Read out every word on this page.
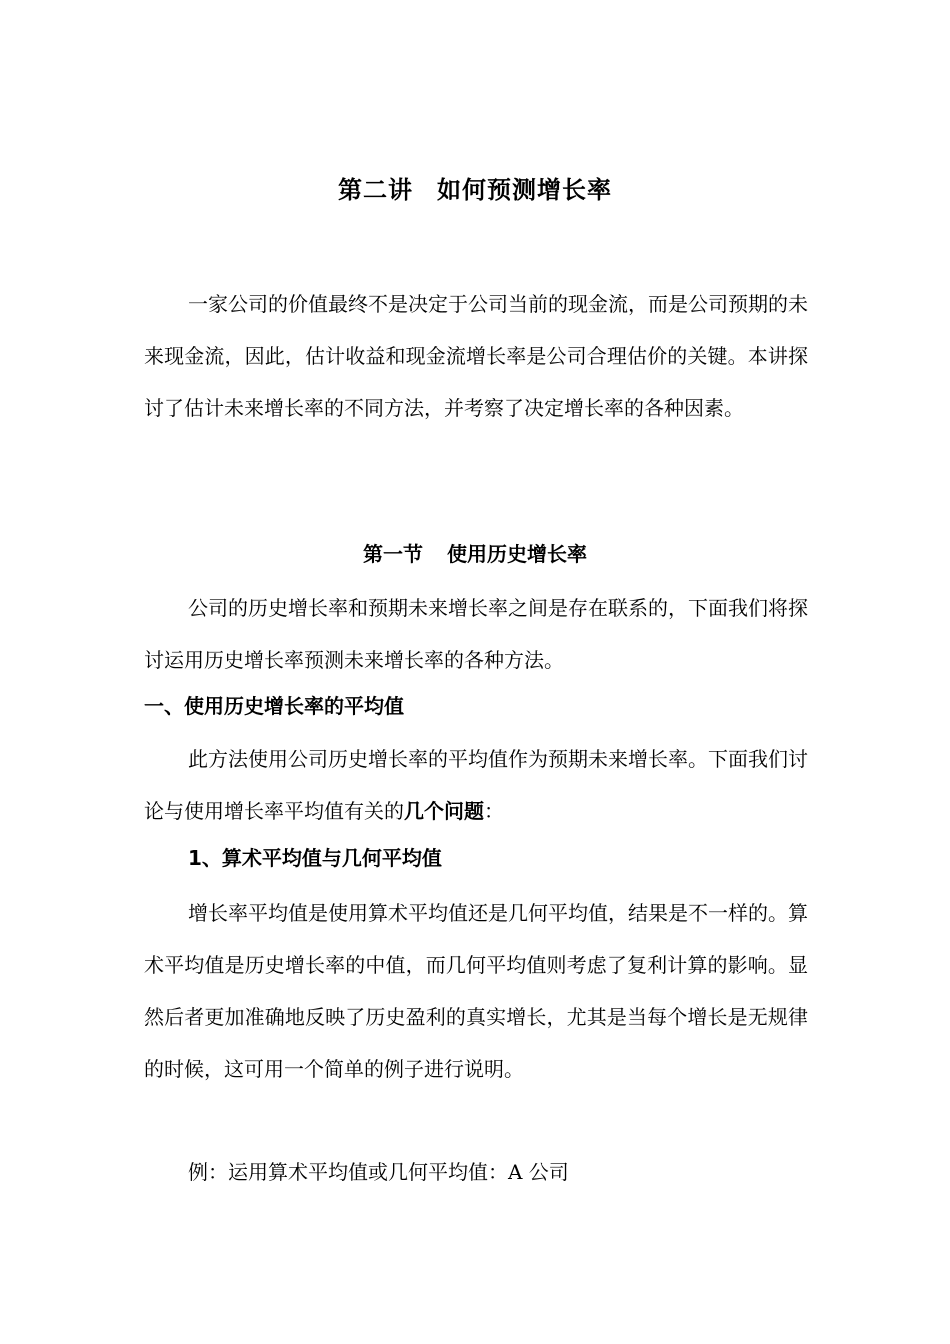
第二讲 如何预测增长率

一家公司的价值最终不是决定于公司当前的现金流，而是公司预期的未来现金流，因此，估计收益和现金流增长率是公司合理估价的关键。本讲探讨了估计未来增长率的不同方法，并考察了决定增长率的各种因素。

第一节 使用历史增长率

公司的历史增长率和预期未来增长率之间是存在联系的，下面我们将探讨运用历史增长率预测未来增长率的各种方法。

一、使用历史增长率的平均值

此方法使用公司历史增长率的平均值作为预期未来增长率。下面我们讨论与使用增长率平均值有关的几个问题：

1、算术平均值与几何平均值

增长率平均值是使用算术平均值还是几何平均值，结果是不一样的。算术平均值是历史增长率的中值，而几何平均值则考虑了复利计算的影响。显然后者更加准确地反映了历史盈利的真实增长，尤其是当每个增长是无规律的时候，这可用一个简单的例子进行说明。

例：运用算术平均值或几何平均值：A 公司
